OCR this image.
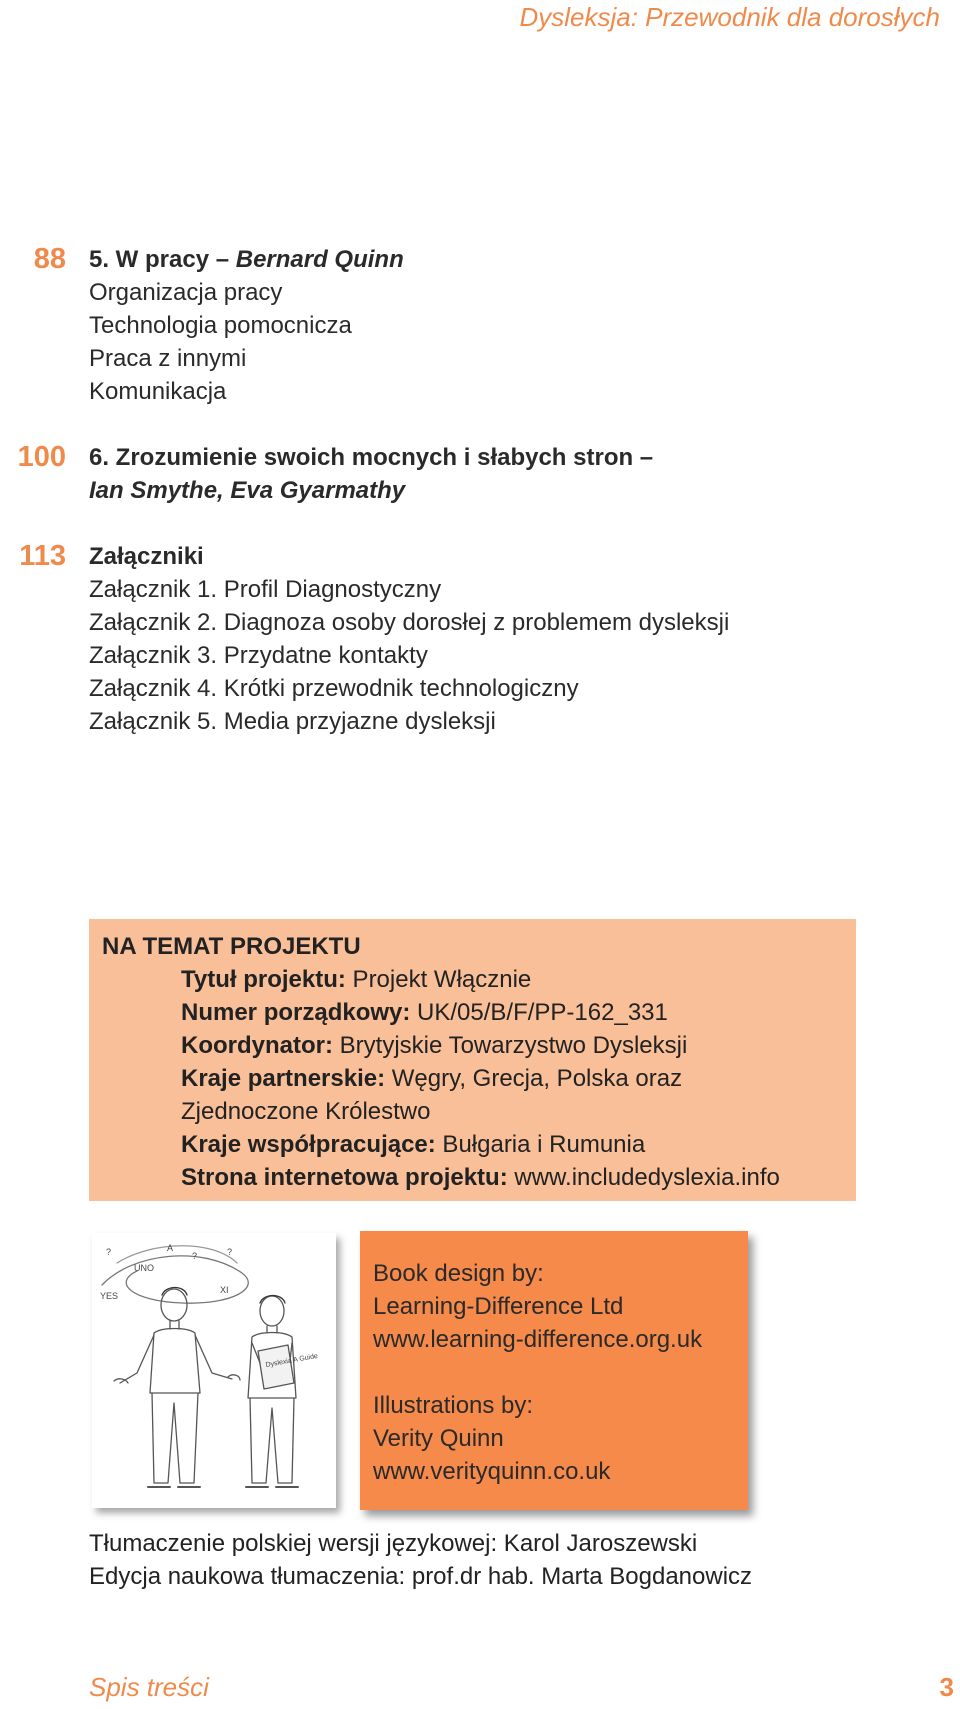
Dysleksja: Przewodnik dla dorosłych
88 5. W pracy – Bernard Quinn
Organizacja pracy
Technologia pomocnicza
Praca z innymi
Komunikacja
100 6. Zrozumienie swoich mocnych i słabych stron –
Ian Smythe, Eva Gyarmathy
113 Załączniki
Załącznik 1. Profil Diagnostyczny
Załącznik 2. Diagnoza osoby dorosłej z problemem dysleksji
Załącznik 3. Przydatne kontakty
Załącznik 4. Krótki przewodnik technologiczny
Załącznik 5. Media przyjazne dysleksji
NA TEMAT PROJEKTU
Tytuł projektu: Projekt Włącznie
Numer porządkowy: UK/05/B/F/PP-162_331
Koordynator: Brytyjskie Towarzystwo Dysleksji
Kraje partnerskie: Węgry, Grecja, Polska oraz
Zjednoczone Królestwo
Kraje współpracujące: Bułgaria i Rumunia
Strona internetowa projektu: www.includedyslexia.info
UNO
?	?	?
YES
XI
A
Dyslexia A Guide
Book design by:
Learning-Difference Ltd
www.learning-difference.org.uk
Illustrations by:
Verity Quinn
www.verityquinn.co.uk
Tłumaczenie polskiej wersji językowej: Karol Jaroszewski
Edycja naukowa tłumaczenia: prof.dr hab. Marta Bogdanowicz
Spis treści	3
